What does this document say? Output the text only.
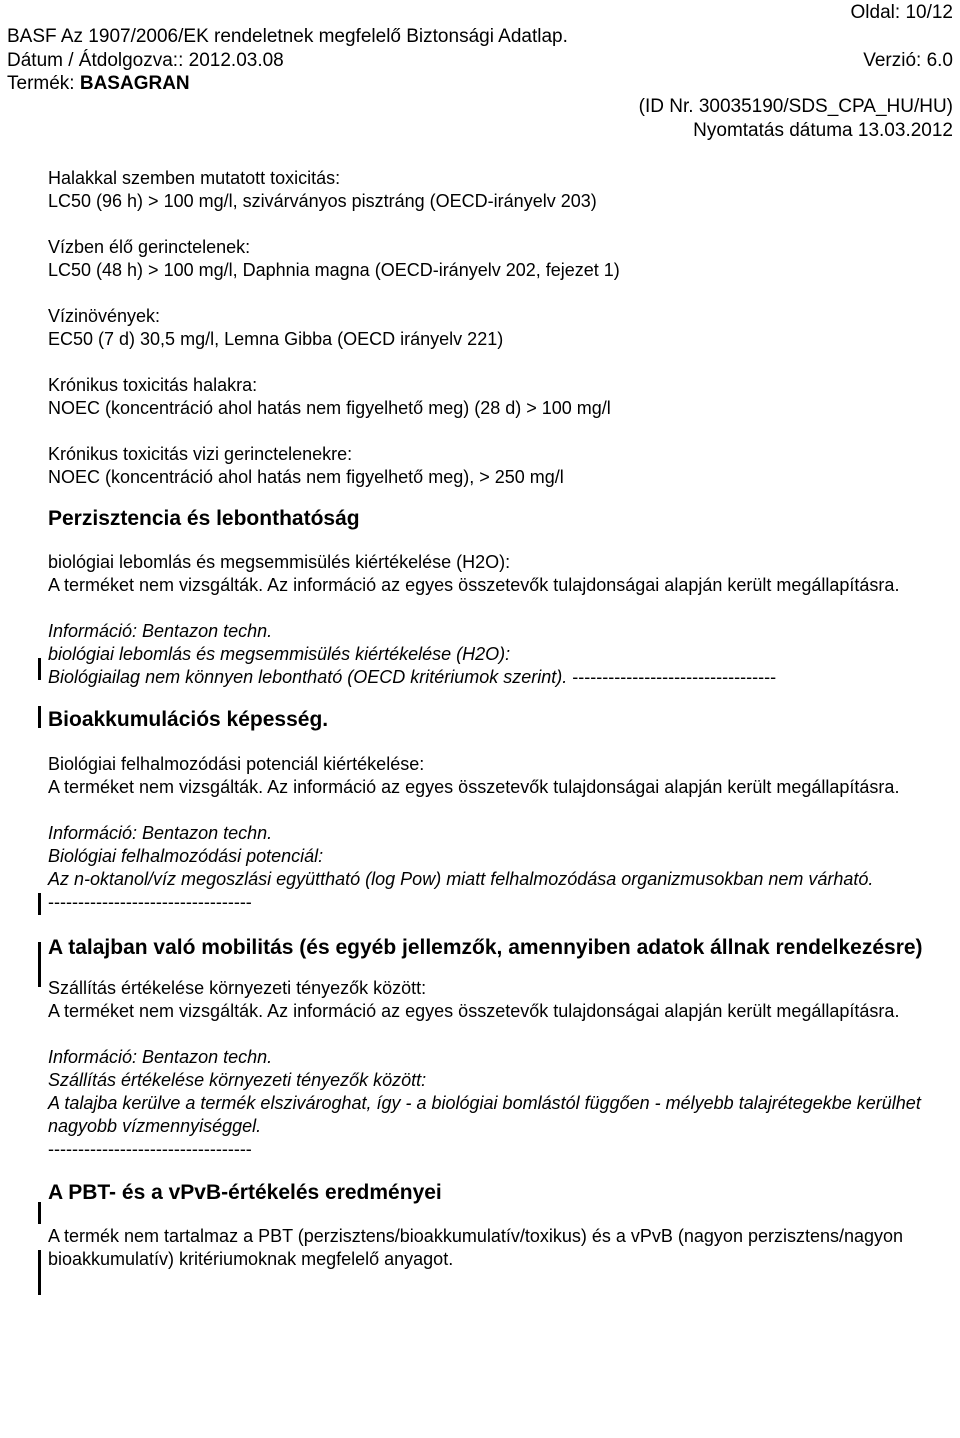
Oldal: 10/12
BASF Az 1907/2006/EK rendeletnek megfelelő Biztonsági Adatlap.
Dátum / Átdolgozva:: 2012.03.08	Verzió: 6.0
Termék: BASAGRAN
(ID Nr. 30035190/SDS_CPA_HU/HU)
Nyomtatás dátuma 13.03.2012

Halakkal szemben mutatott toxicitás:

LC50 (96 h) > 100 mg/l, szivárványos pisztráng (OECD-irányelv 203)

Vízben élő gerinctelenek:

LC50 (48 h) > 100 mg/l, Daphnia magna (OECD-irányelv 202, fejezet 1)

Vízinövények:

EC50 (7 d) 30,5 mg/l, Lemna Gibba (OECD irányelv 221)

Krónikus toxicitás halakra:

NOEC (koncentráció ahol hatás nem figyelhető meg) (28 d) > 100 mg/l

Krónikus toxicitás vizi gerinctelenekre:

NOEC (koncentráció ahol hatás nem figyelhető meg), > 250 mg/l

Perzisztencia és lebonthatóság

biológiai lebomlás és megsemmisülés kiértékelése (H2O):

A terméket nem vizsgálták. Az információ az egyes összetevők tulajdonságai alapján került megállapításra.

Információ: Bentazon techn.

biológiai lebomlás és megsemmisülés kiértékelése (H2O):

Biológiailag nem könnyen lebontható (OECD kritériumok szerint). ----------------------------------

Bioakkumulációs képesség.

Biológiai felhalmozódási potenciál kiértékelése:

A terméket nem vizsgálták. Az információ az egyes összetevők tulajdonságai alapján került megállapításra.

Információ: Bentazon techn.

Biológiai felhalmozódási potenciál:

Az n-oktanol/víz megoszlási együttható (log Pow) miatt felhalmozódása organizmusokban nem várható.

----------------------------------

A talajban való mobilitás (és egyéb jellemzők, amennyiben adatok állnak rendelkezésre)

Szállítás értékelése környezeti tényezők között:

A terméket nem vizsgálták. Az információ az egyes összetevők tulajdonságai alapján került megállapításra.

Információ: Bentazon techn.

Szállítás értékelése környezeti tényezők között:

A talajba kerülve a termék elszivároghat, így - a biológiai bomlástól függően - mélyebb talajrétegekbe kerülhet nagyobb vízmennyiséggel.

----------------------------------

A PBT- és a vPvB-értékelés eredményei

A termék nem tartalmaz a PBT (perzisztens/bioakkumulatív/toxikus) és a vPvB (nagyon perzisztens/nagyon bioakkumulatív) kritériumoknak megfelelő anyagot.
